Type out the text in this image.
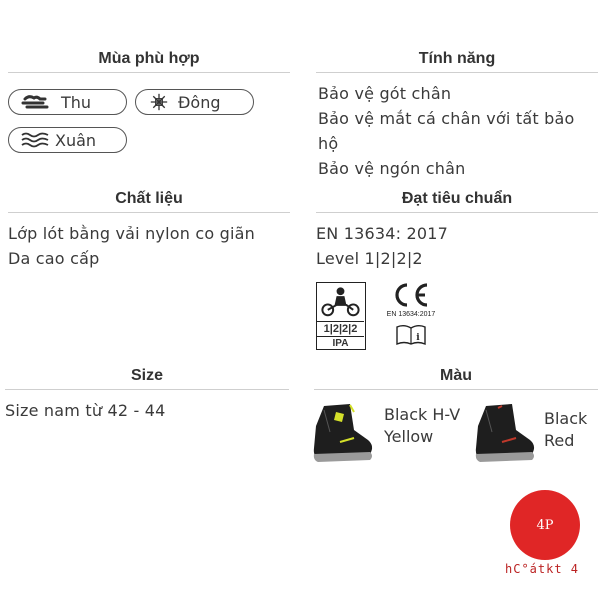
Mùa phù hợp
Thu	Đông
Xuân
Tính năng
Bảo vệ gót chân
Bảo vệ mắt cá chân với tất bảo hộ
Bảo vệ ngón chân
Chất liệu
Lớp lót bằng vải nylon co giãn
Da cao cấp
Đạt tiêu chuẩn
EN 13634: 2017
Level 1|2|2|2
1|2|2|2
IPA
EN 13634:2017
i
Size
Size nam từ 42 - 44
Màu
Black H-V
Yellow
Black
Red
4P
hC°átkt 4
